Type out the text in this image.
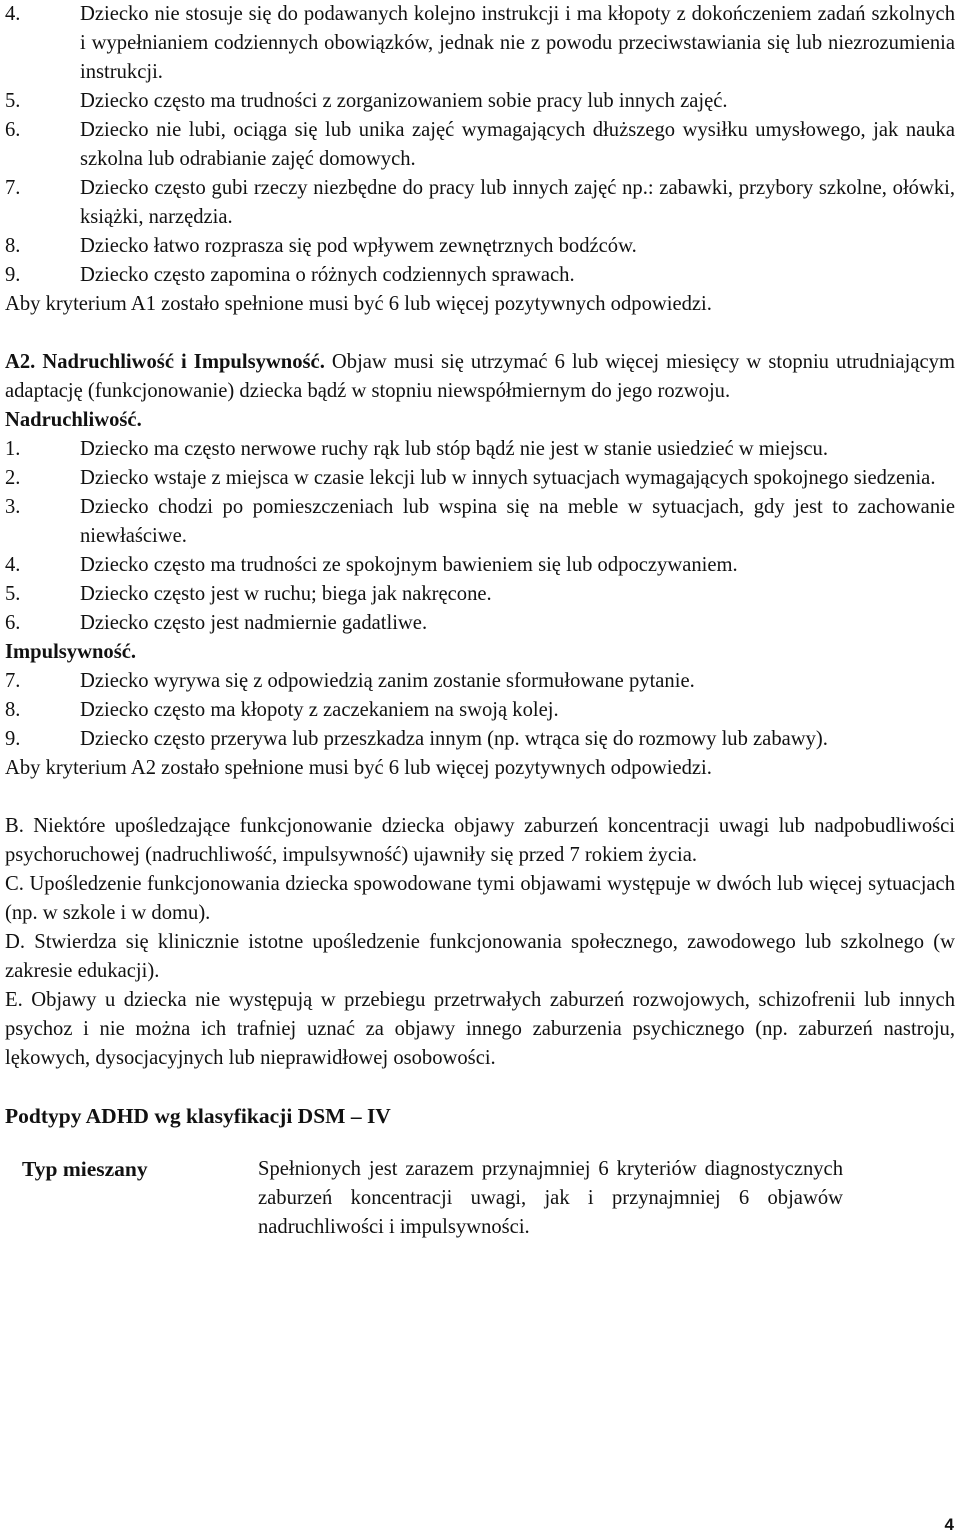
4.	Dziecko nie stosuje się do podawanych kolejno instrukcji i ma kłopoty z dokończeniem zadań szkolnych i wypełnianiem codziennych obowiązków, jednak nie z powodu przeciwstawiania się lub niezrozumienia instrukcji.
5.	Dziecko często ma trudności z zorganizowaniem sobie pracy lub innych zajęć.
6.	Dziecko nie lubi, ociąga się lub unika zajęć wymagających dłuższego wysiłku umysłowego, jak nauka szkolna lub odrabianie zajęć domowych.
7.	Dziecko często gubi rzeczy niezbędne do pracy lub innych zajęć np.: zabawki, przybory szkolne, ołówki, książki, narzędzia.
8.	Dziecko łatwo rozprasza się pod wpływem zewnętrznych bodźców.
9.	Dziecko często zapomina o różnych codziennych sprawach.
Aby kryterium A1 zostało spełnione musi być 6 lub więcej pozytywnych odpowiedzi.
A2. Nadruchliwość i Impulsywność. Objaw musi się utrzymać 6 lub więcej miesięcy w stopniu utrudniającym adaptację (funkcjonowanie) dziecka bądź w stopniu niewspółmiernym do jego rozwoju.
Nadruchliwość.
1.	Dziecko ma często nerwowe ruchy rąk lub stóp bądź nie jest w stanie usiedzieć w miejscu.
2.	Dziecko wstaje z miejsca w czasie lekcji lub w innych sytuacjach wymagających spokojnego siedzenia.
3.	Dziecko chodzi po pomieszczeniach lub wspina się na meble w sytuacjach, gdy jest to zachowanie niewłaściwe.
4.	Dziecko często ma trudności ze spokojnym bawieniem się lub odpoczywaniem.
5.	Dziecko często jest w ruchu; biega jak nakręcone.
6.	Dziecko często jest nadmiernie gadatliwe.
Impulsywność.
7.	Dziecko wyrywa się z odpowiedzią zanim zostanie sformułowane pytanie.
8.	Dziecko często ma kłopoty z zaczekaniem na swoją kolej.
9.	Dziecko często przerywa lub przeszkadza innym (np. wtrąca się do rozmowy lub zabawy).
Aby kryterium A2 zostało spełnione musi być 6 lub więcej pozytywnych odpowiedzi.
B. Niektóre upośledzające funkcjonowanie dziecka objawy zaburzeń koncentracji uwagi lub nadpobudliwości psychoruchowej (nadruchliwość, impulsywność) ujawniły się przed 7 rokiem życia.
C. Upośledzenie funkcjonowania dziecka spowodowane tymi objawami występuje w dwóch lub więcej sytuacjach (np. w szkole i w domu).
D. Stwierdza się klinicznie istotne upośledzenie funkcjonowania społecznego, zawodowego lub szkolnego (w zakresie edukacji).
E. Objawy u dziecka nie występują w przebiegu przetrwałych zaburzeń rozwojowych, schizofrenii lub innych psychoz i nie można ich trafniej uznać za objawy innego zaburzenia psychicznego (np. zaburzeń nastroju, lękowych, dysocjacyjnych lub nieprawidłowej osobowości.
Podtypy ADHD wg klasyfikacji DSM – IV
Typ mieszany	Spełnionych jest zarazem przynajmniej 6 kryteriów diagnostycznych zaburzeń koncentracji uwagi, jak i przynajmniej 6 objawów nadruchliwości i impulsywności.
4
